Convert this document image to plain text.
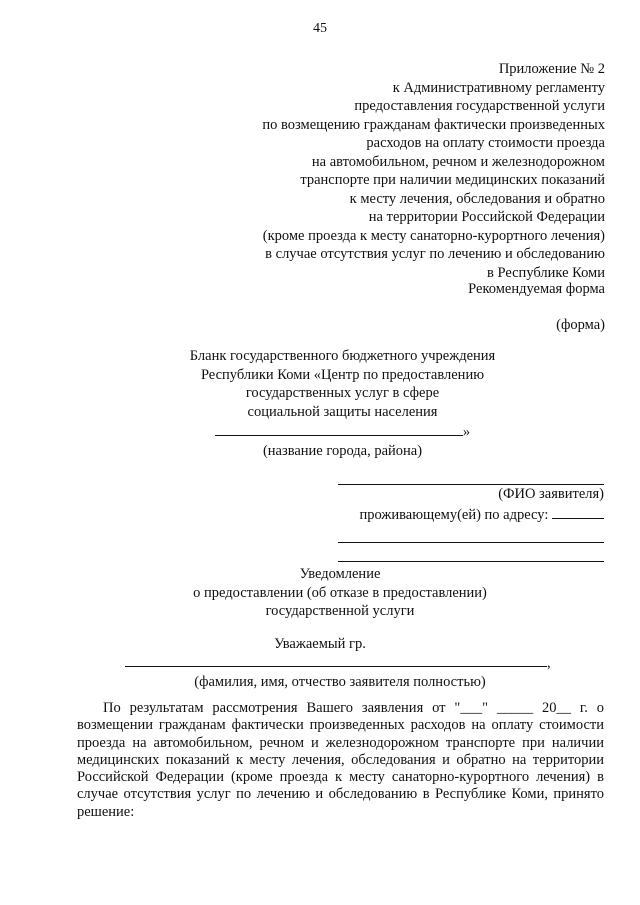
45
Приложение № 2
к Административному регламенту
предоставления государственной услуги
по возмещению гражданам фактически произведенных
расходов на оплату стоимости проезда
на автомобильном, речном и железнодорожном
транспорте при наличии медицинских показаний
к месту лечения, обследования и обратно
на территории Российской Федерации
(кроме проезда к месту санаторно-курортного лечения)
в случае отсутствия услуг по лечению и обследованию
в Республике Коми
Рекомендуемая форма
(форма)
Бланк государственного бюджетного учреждения
Республики Коми «Центр по предоставлению
государственных услуг в сфере
социальной защиты населения
»
(название города, района)
(ФИО заявителя)
проживающему(ей) по адресу:
Уведомление
о предоставлении (об отказе в предоставлении)
государственной услуги
Уважаемый гр.
,
(фамилия, имя, отчество заявителя полностью)
По результатам рассмотрения Вашего заявления от "___" _____ 20__ г. о возмещении гражданам фактически произведенных расходов на оплату стоимости проезда на автомобильном, речном и железнодорожном транспорте при наличии медицинских показаний к месту лечения, обследования и обратно на территории Российской Федерации (кроме проезда к месту санаторно-курортного лечения) в случае отсутствия услуг по лечению и обследованию в Республике Коми, принято решение:
